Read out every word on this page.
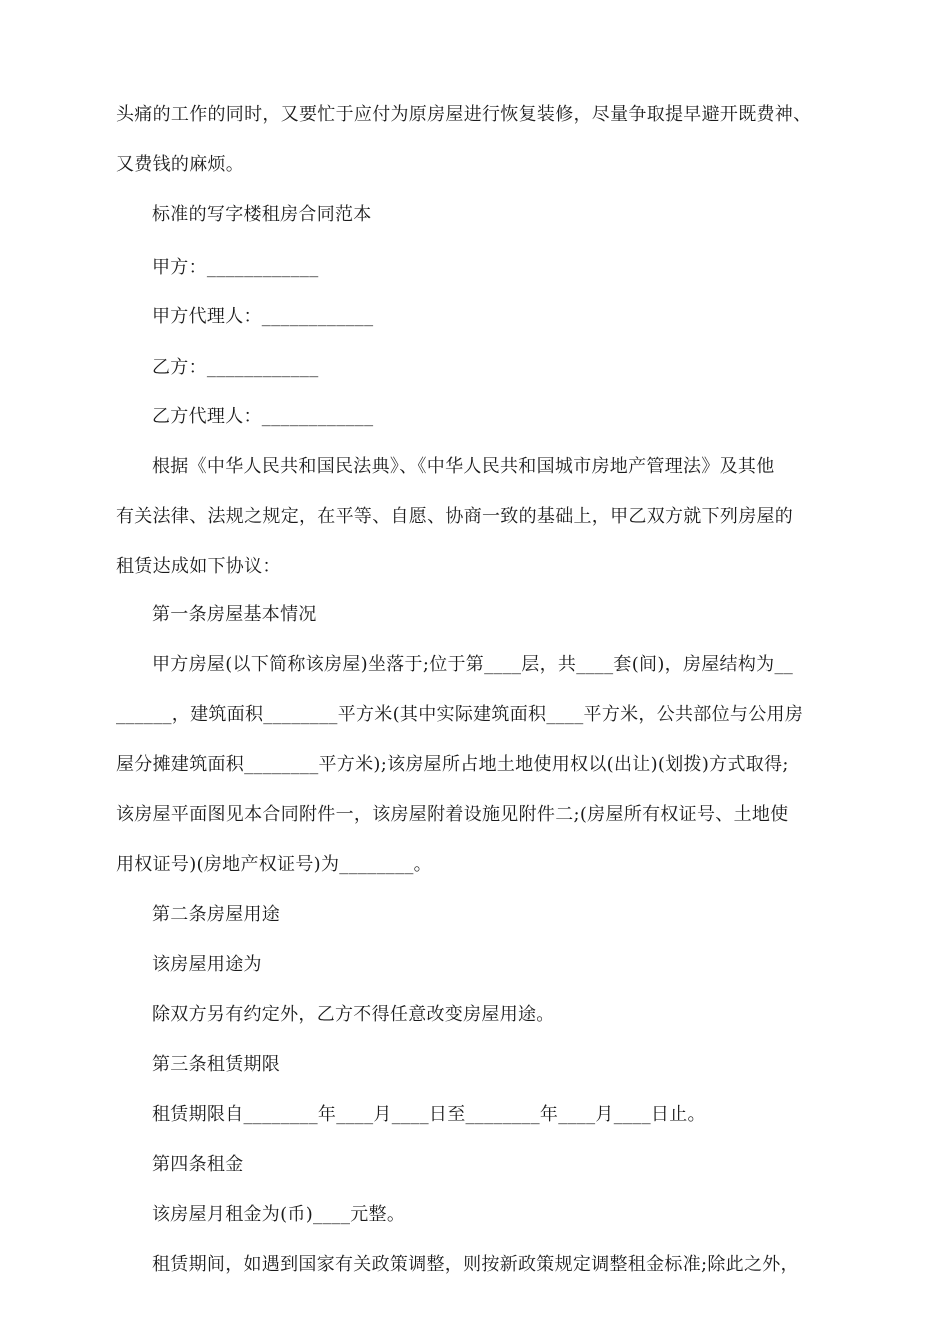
头痛的工作的同时，又要忙于应付为原房屋进行恢复装修，尽量争取提早避开既费神、
又费钱的麻烦。
标准的写字楼租房合同范本
甲方：____________
甲方代理人：____________
乙方：____________
乙方代理人：____________
根据《中华人民共和国民法典》、《中华人民共和国城市房地产管理法》及其他
有关法律、法规之规定，在平等、自愿、协商一致的基础上，甲乙双方就下列房屋的
租赁达成如下协议：
第一条房屋基本情况
甲方房屋(以下简称该房屋)坐落于;位于第____层，共____套(间)，房屋结构为__
______，建筑面积________平方米(其中实际建筑面积____平方米，公共部位与公用房
屋分摊建筑面积________平方米);该房屋所占地土地使用权以(出让)(划拨)方式取得;
该房屋平面图见本合同附件一，该房屋附着设施见附件二;(房屋所有权证号、土地使
用权证号)(房地产权证号)为________。
第二条房屋用途
该房屋用途为
除双方另有约定外，乙方不得任意改变房屋用途。
第三条租赁期限
租赁期限自________年____月____日至________年____月____日止。
第四条租金
该房屋月租金为(币)____元整。
租赁期间，如遇到国家有关政策调整，则按新政策规定调整租金标准;除此之外，
